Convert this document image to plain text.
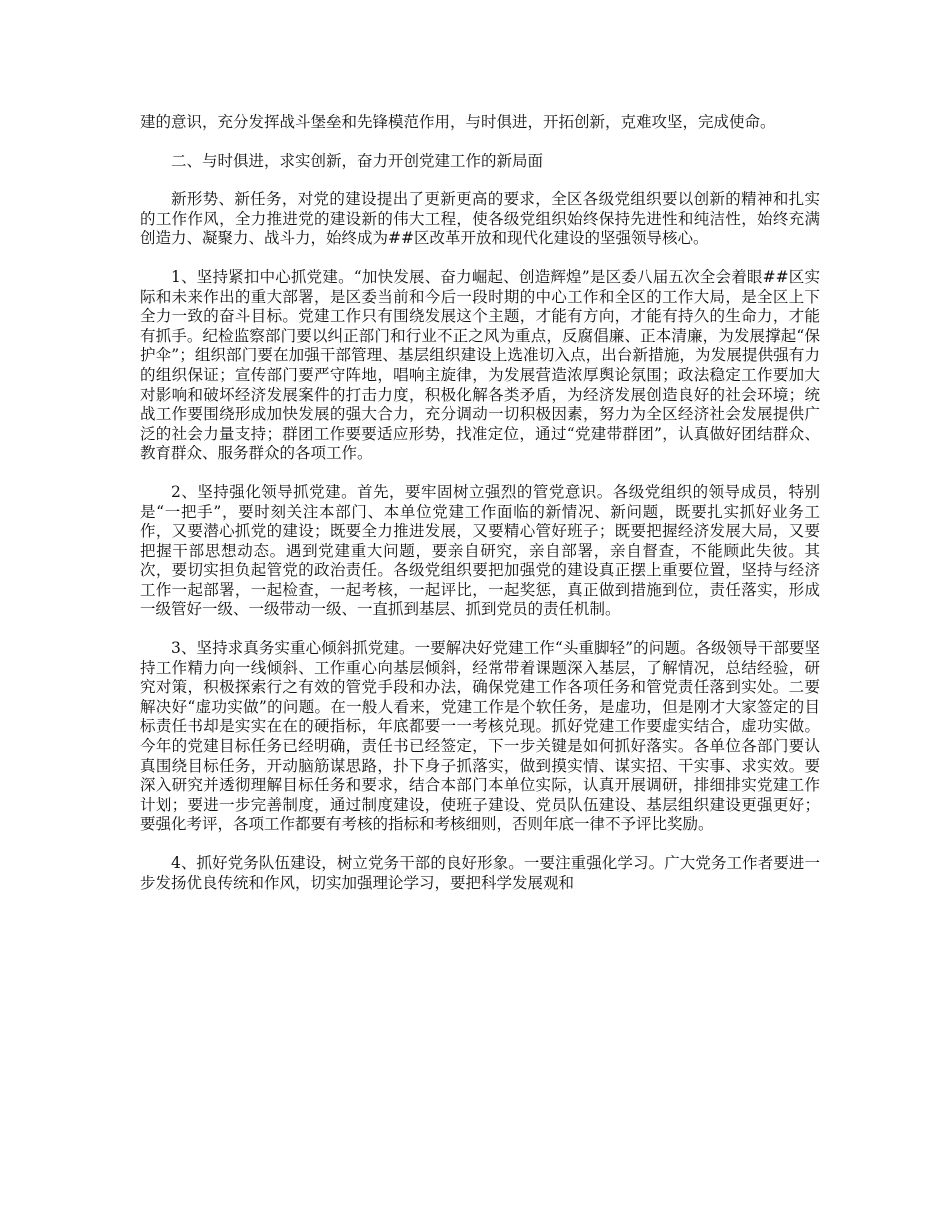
建的意识，充分发挥战斗堡垒和先锋模范作用，与时俱进，开拓创新，克难攻坚，完成使命。

二、与时俱进，求实创新，奋力开创党建工作的新局面

新形势、新任务，对党的建设提出了更新更高的要求，全区各级党组织要以创新的精神和扎实的工作作风，全力推进党的建设新的伟大工程，使各级党组织始终保持先进性和纯洁性，始终充满创造力、凝聚力、战斗力，始终成为##区改革开放和现代化建设的坚强领导核心。

1、坚持紧扣中心抓党建。“加快发展、奋力崛起、创造辉煌”是区委八届五次全会着眼##区实际和未来作出的重大部署，是区委当前和今后一段时期的中心工作和全区的工作大局，是全区上下全力一致的奋斗目标。党建工作只有围绕发展这个主题，才能有方向，才能有持久的生命力，才能有抓手。纪检监察部门要以纠正部门和行业不正之风为重点，反腐倡廉、正本清廉，为发展撑起“保护伞”；组织部门要在加强干部管理、基层组织建设上选准切入点，出台新措施，为发展提供强有力的组织保证；宣传部门要严守阵地，唱响主旋律，为发展营造浓厚舆论氛围；政法稳定工作要加大对影响和破坏经济发展案件的打击力度，积极化解各类矛盾，为经济发展创造良好的社会环境；统战工作要围绕形成加快发展的强大合力，充分调动一切积极因素，努力为全区经济社会发展提供广泛的社会力量支持；群团工作要要适应形势，找准定位，通过“党建带群团”，认真做好团结群众、教育群众、服务群众的各项工作。

2、坚持强化领导抓党建。首先，要牢固树立强烈的管党意识。各级党组织的领导成员，特别是“一把手”，要时刻关注本部门、本单位党建工作面临的新情况、新问题，既要扎实抓好业务工作，又要潜心抓党的建设；既要全力推进发展，又要精心管好班子；既要把握经济发展大局，又要把握干部思想动态。遇到党建重大问题，要亲自研究，亲自部署，亲自督查，不能顾此失彼。其次，要切实担负起管党的政治责任。各级党组织要把加强党的建设真正摆上重要位置，坚持与经济工作一起部署，一起检查，一起考核，一起评比，一起奖惩，真正做到措施到位，责任落实，形成一级管好一级、一级带动一级、一直抓到基层、抓到党员的责任机制。

3、坚持求真务实重心倾斜抓党建。一要解决好党建工作“头重脚轻”的问题。各级领导干部要坚持工作精力向一线倾斜、工作重心向基层倾斜，经常带着课题深入基层，了解情况，总结经验，研究对策，积极探索行之有效的管党手段和办法，确保党建工作各项任务和管党责任落到实处。二要解决好“虚功实做”的问题。在一般人看来，党建工作是个软任务，是虚功，但是刚才大家签定的目标责任书却是实实在在的硬指标，年底都要一一考核兑现。抓好党建工作要虚实结合，虚功实做。今年的党建目标任务已经明确，责任书已经签定，下一步关键是如何抓好落实。各单位各部门要认真围绕目标任务，开动脑筋谋思路，扑下身子抓落实，做到摸实情、谋实招、干实事、求实效。要深入研究并透彻理解目标任务和要求，结合本部门本单位实际，认真开展调研，排细排实党建工作计划；要进一步完善制度，通过制度建设，使班子建设、党员队伍建设、基层组织建设更强更好；要强化考评，各项工作都要有考核的指标和考核细则，否则年底一律不予评比奖励。

4、抓好党务队伍建设，树立党务干部的良好形象。一要注重强化学习。广大党务工作者要进一步发扬优良传统和作风，切实加强理论学习，要把科学发展观和
